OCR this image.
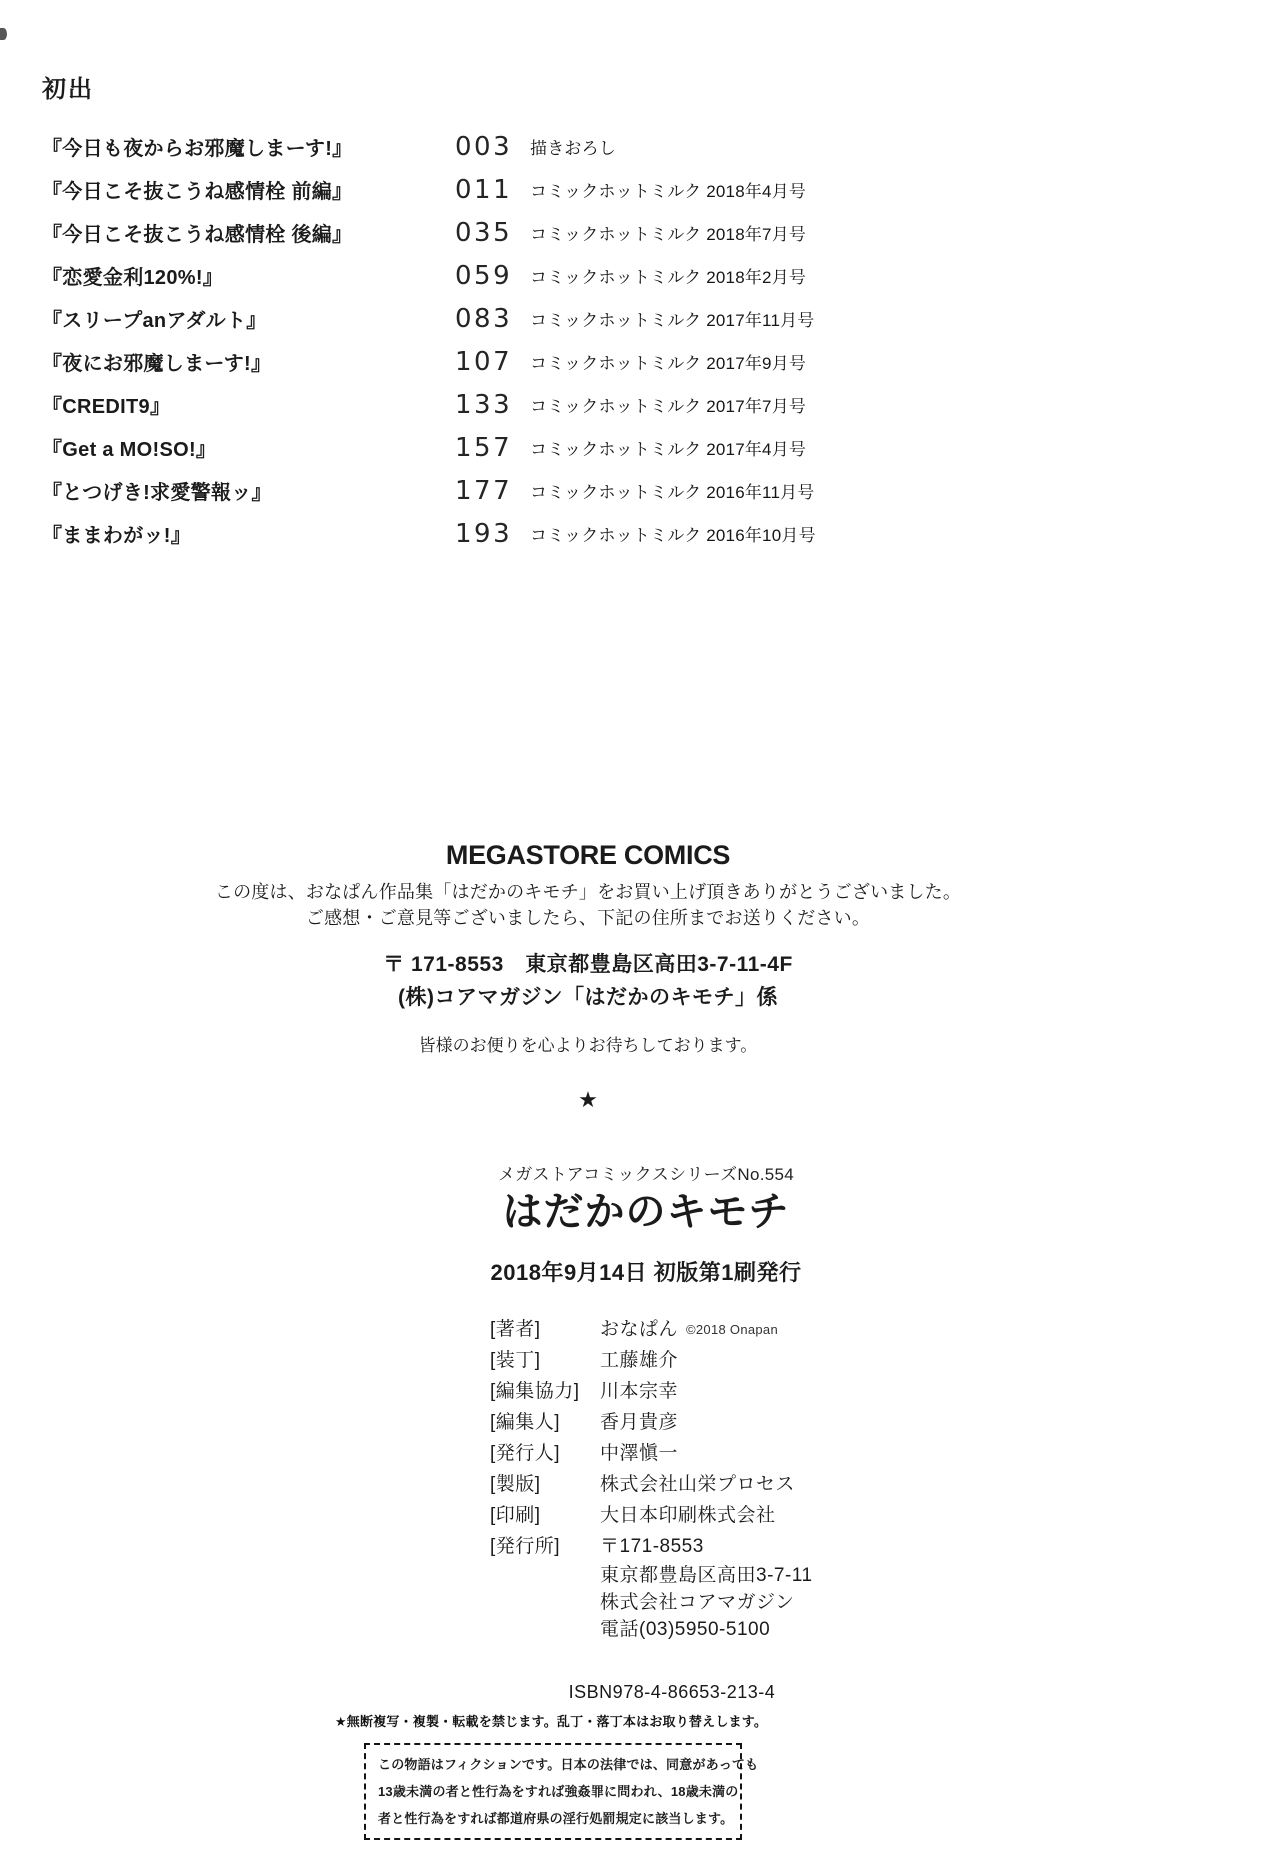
初出
『今日も夜からお邪魔しまーす!』	003	描きおろし
『今日こそ抜こうね感情栓 前編』	011	コミックホットミルク 2018年4月号
『今日こそ抜こうね感情栓 後編』	035	コミックホットミルク 2018年7月号
『恋愛金利120%!』	059	コミックホットミルク 2018年2月号
『スリープanアダルト』	083	コミックホットミルク 2017年11月号
『夜にお邪魔しまーす!』	107	コミックホットミルク 2017年9月号
『CREDIT9』	133	コミックホットミルク 2017年7月号
『Get a MO!SO!』	157	コミックホットミルク 2017年4月号
『とつげき!求愛警報ッ』	177	コミックホットミルク 2016年11月号
『ままわがッ!』	193	コミックホットミルク 2016年10月号
MEGASTORE COMICS
この度は、おなぱん作品集「はだかのキモチ」をお買い上げ頂きありがとうございました。
ご感想・ご意見等ございましたら、下記の住所までお送りください。
〒 171-8553　東京都豊島区高田3-7-11-4F
(株)コアマガジン「はだかのキモチ」係
皆様のお便りを心よりお待ちしております。
★
メガストアコミックスシリーズNo.554
はだかのキモチ
2018年9月14日 初版第1刷発行
[著者]	おなぱん ©2018 Onapan
[装丁]	工藤雄介
[編集協力]	川本宗幸
[編集人]	香月貴彦
[発行人]	中澤愼一
[製版]	株式会社山栄プロセス
[印刷]	大日本印刷株式会社
[発行所]	〒171-8553
東京都豊島区高田3-7-11
株式会社コアマガジン
電話(03)5950-5100
ISBN978-4-86653-213-4
★無断複写・複製・転載を禁じます。乱丁・落丁本はお取り替えします。
この物語はフィクションです。日本の法律では、同意があっても
13歳未満の者と性行為をすれば強姦罪に問われ、18歳未満の
者と性行為をすれば都道府県の淫行処罰規定に該当します。
